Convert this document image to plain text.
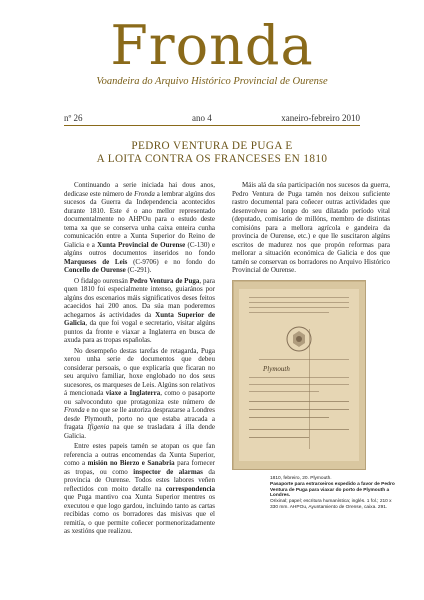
Fronda
Voandeira do Arquivo Histórico Provincial de Ourense
nº 26	ano 4	xaneiro-febreiro 2010
PEDRO VENTURA DE PUGA E
A LOITA CONTRA OS FRANCESES EN 1810

Continuando a serie iniciada hai dous anos, dedicase este número de Fronda a lembrar algúns dos sucesos da Guerra da Independencia acontecidos durante 1810. Este é o ano mellor representado documentalmente no AHPOu para o estudo deste tema xa que se conserva unha caixa enteira cunha comunicación entre a Xunta Superior do Reino de Galicia e a Xunta Provincial de Ourense (C-130) e algúns outros documentos inseridos no fondo Marqueses de Leis (C-9706) e no fondo do Concello de Ourense (C-291).

O fidalgo ourensán Pedro Ventura de Puga, para quen 1810 foi especialmente intenso, guiarános por algúns dos escenarios máis significativos deses feitos acaecidos hai 200 anos. Da súa man poderemos achegarnos ás actividades da Xunta Superior de Galicia, da que foi vogal e secretario, visitar algúns puntos da fronte e viaxar a Inglaterra en busca de axuda para as tropas españolas.

No desempeño destas tarefas de retagarda, Puga xerou unha serie de documentos que debeu considerar persoais, o que explicaría que ficaran no seu arquivo familiar, hoxe englobado no dos seus sucesores, os marqueses de Leis. Algúns son relativos á mencionada viaxe a Inglaterra, como o pasaporte ou salvoconduto que protagoniza este número de Fronda e no que se lle autoriza desprazarse a Londres desde Plymouth, porto no que estaba atracada a fragata Ifigenia na que se trasladara á illa dende Galicia.

Entre estes papeis tamén se atopan os que fan referencia a outras encomendas da Xunta Superior, como a misión no Bierzo e Sanabria para fornecer as tropas, ou como inspector de alarmas da provincia de Ourense. Todos estes labores veñen reflectidos con moito detalle na correspondencia que Puga mantivo coa Xunta Superior mentres os executou e que logo gardou, incluindo tanto as cartas recibidas como os borradores das misivas que el remitía, o que permite coñecer pormenorizadamente as xestións que realizou.

Máis alá da súa participación nos sucesos da guerra, Pedro Ventura de Puga tamén nos deixou suficiente rastro documental para coñecer outras actividades que desenvolveu ao longo do seu dilatado período vital (deputado, comisario de millóns, membro de distintas comisións para a mellora agrícola e gandeira da provincia de Ourense, etc.) e que lle suscitaron algúns escritos de madurez nos que propón reformas para mellorar a situación económica de Galicia e dos que tamén se conservan os borradores no Arquivo Histórico Provincial de Ourense.

Plymouth
1810, febreiro, 20. Plymouth.
Pasaporte para estrarxeiros expedido a favor de Pedro Ventura de Puga para viaxar do porto de Plymouth a Londres.
Orixinal; papel; escritura humanística; inglés. 1 fol.; 210 x 330 mm. AHPOu, Ayuntamiento de Orense, caixa. 291.
